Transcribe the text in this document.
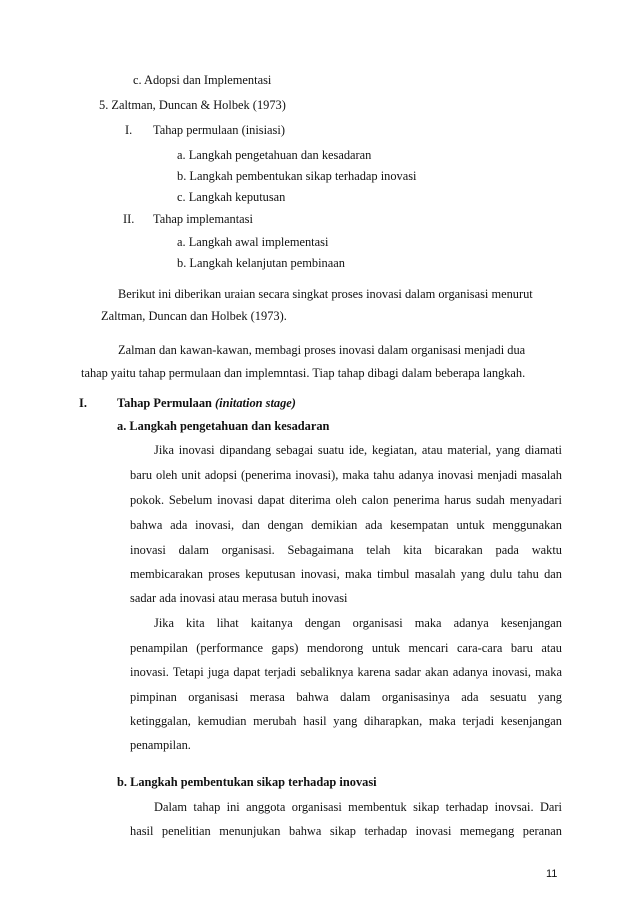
c. Adopsi dan Implementasi
5. Zaltman, Duncan & Holbek (1973)
I. Tahap permulaan (inisiasi)
a. Langkah pengetahuan dan kesadaran
b. Langkah pembentukan sikap terhadap inovasi
c. Langkah keputusan
II. Tahap implemantasi
a. Langkah awal implementasi
b. Langkah kelanjutan pembinaan
Berikut ini diberikan uraian secara singkat proses inovasi dalam organisasi menurut
Zaltman, Duncan dan Holbek (1973).
Zalman dan kawan-kawan, membagi proses inovasi dalam organisasi menjadi dua
tahap yaitu tahap permulaan dan implemntasi. Tiap tahap dibagi dalam beberapa langkah.
I. Tahap Permulaan (initation stage)
a. Langkah pengetahuan dan kesadaran
Jika inovasi dipandang sebagai suatu ide, kegiatan, atau material, yang diamati
baru oleh unit adopsi (penerima inovasi), maka tahu adanya inovasi menjadi masalah
pokok. Sebelum inovasi dapat diterima oleh calon penerima harus sudah menyadari
bahwa ada inovasi, dan dengan demikian ada kesempatan untuk menggunakan
inovasi dalam organisasi. Sebagaimana telah kita bicarakan pada waktu
membicarakan proses keputusan inovasi, maka timbul masalah yang dulu tahu dan
sadar ada inovasi atau merasa butuh inovasi
Jika kita lihat kaitanya dengan organisasi maka adanya kesenjangan
penampilan (performance gaps) mendorong untuk mencari cara-cara baru atau
inovasi. Tetapi juga dapat terjadi sebaliknya karena sadar akan adanya inovasi, maka
pimpinan organisasi merasa bahwa dalam organisasinya ada sesuatu yang
ketinggalan, kemudian merubah hasil yang diharapkan, maka terjadi kesenjangan
penampilan.
b. Langkah pembentukan sikap terhadap inovasi
Dalam tahap ini anggota organisasi membentuk sikap terhadap inovsai. Dari
hasil penelitian menunjukan bahwa sikap terhadap inovasi memegang peranan
11
